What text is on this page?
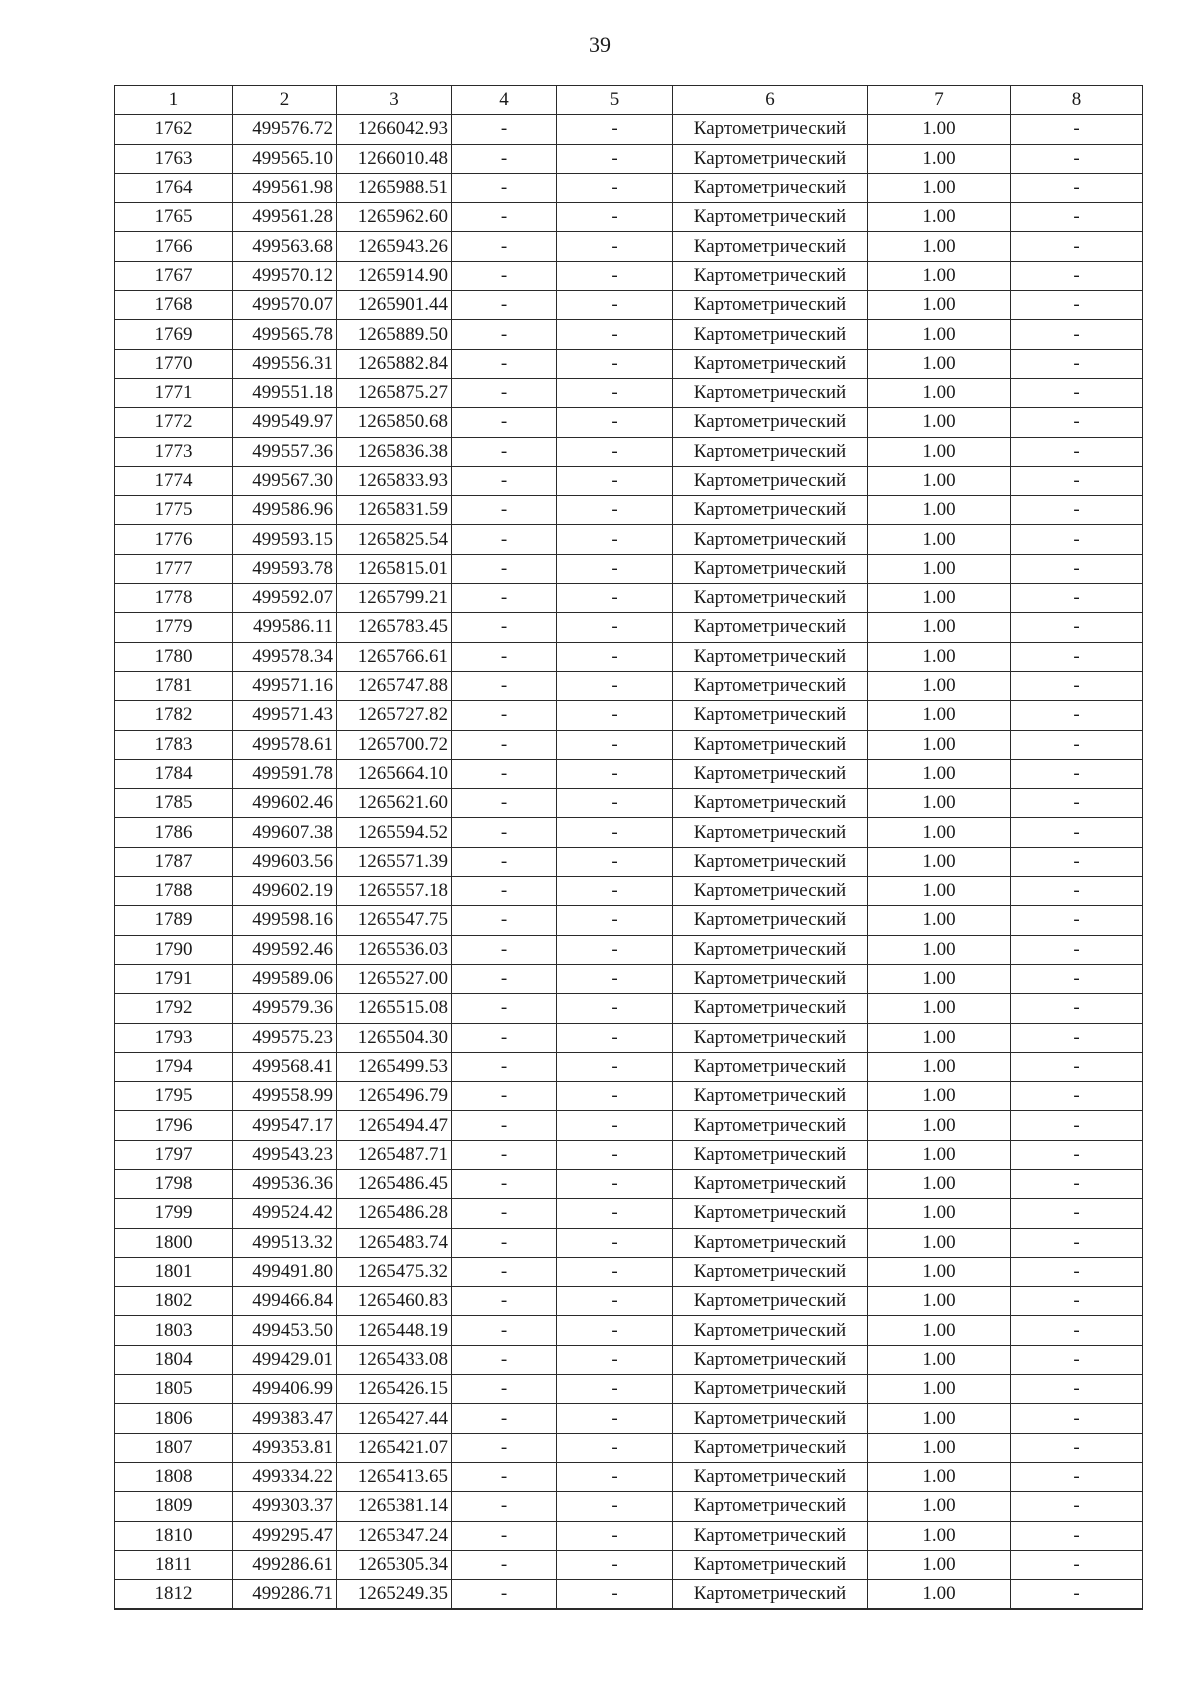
39
1	2	3	4	5	6	7	8
1762	499576.72	1266042.93	-	-	Картометрический	1.00	-
1763	499565.10	1266010.48	-	-	Картометрический	1.00	-
1764	499561.98	1265988.51	-	-	Картометрический	1.00	-
1765	499561.28	1265962.60	-	-	Картометрический	1.00	-
1766	499563.68	1265943.26	-	-	Картометрический	1.00	-
1767	499570.12	1265914.90	-	-	Картометрический	1.00	-
1768	499570.07	1265901.44	-	-	Картометрический	1.00	-
1769	499565.78	1265889.50	-	-	Картометрический	1.00	-
1770	499556.31	1265882.84	-	-	Картометрический	1.00	-
1771	499551.18	1265875.27	-	-	Картометрический	1.00	-
1772	499549.97	1265850.68	-	-	Картометрический	1.00	-
1773	499557.36	1265836.38	-	-	Картометрический	1.00	-
1774	499567.30	1265833.93	-	-	Картометрический	1.00	-
1775	499586.96	1265831.59	-	-	Картометрический	1.00	-
1776	499593.15	1265825.54	-	-	Картометрический	1.00	-
1777	499593.78	1265815.01	-	-	Картометрический	1.00	-
1778	499592.07	1265799.21	-	-	Картометрический	1.00	-
1779	499586.11	1265783.45	-	-	Картометрический	1.00	-
1780	499578.34	1265766.61	-	-	Картометрический	1.00	-
1781	499571.16	1265747.88	-	-	Картометрический	1.00	-
1782	499571.43	1265727.82	-	-	Картометрический	1.00	-
1783	499578.61	1265700.72	-	-	Картометрический	1.00	-
1784	499591.78	1265664.10	-	-	Картометрический	1.00	-
1785	499602.46	1265621.60	-	-	Картометрический	1.00	-
1786	499607.38	1265594.52	-	-	Картометрический	1.00	-
1787	499603.56	1265571.39	-	-	Картометрический	1.00	-
1788	499602.19	1265557.18	-	-	Картометрический	1.00	-
1789	499598.16	1265547.75	-	-	Картометрический	1.00	-
1790	499592.46	1265536.03	-	-	Картометрический	1.00	-
1791	499589.06	1265527.00	-	-	Картометрический	1.00	-
1792	499579.36	1265515.08	-	-	Картометрический	1.00	-
1793	499575.23	1265504.30	-	-	Картометрический	1.00	-
1794	499568.41	1265499.53	-	-	Картометрический	1.00	-
1795	499558.99	1265496.79	-	-	Картометрический	1.00	-
1796	499547.17	1265494.47	-	-	Картометрический	1.00	-
1797	499543.23	1265487.71	-	-	Картометрический	1.00	-
1798	499536.36	1265486.45	-	-	Картометрический	1.00	-
1799	499524.42	1265486.28	-	-	Картометрический	1.00	-
1800	499513.32	1265483.74	-	-	Картометрический	1.00	-
1801	499491.80	1265475.32	-	-	Картометрический	1.00	-
1802	499466.84	1265460.83	-	-	Картометрический	1.00	-
1803	499453.50	1265448.19	-	-	Картометрический	1.00	-
1804	499429.01	1265433.08	-	-	Картометрический	1.00	-
1805	499406.99	1265426.15	-	-	Картометрический	1.00	-
1806	499383.47	1265427.44	-	-	Картометрический	1.00	-
1807	499353.81	1265421.07	-	-	Картометрический	1.00	-
1808	499334.22	1265413.65	-	-	Картометрический	1.00	-
1809	499303.37	1265381.14	-	-	Картометрический	1.00	-
1810	499295.47	1265347.24	-	-	Картометрический	1.00	-
1811	499286.61	1265305.34	-	-	Картометрический	1.00	-
1812	499286.71	1265249.35	-	-	Картометрический	1.00	-
